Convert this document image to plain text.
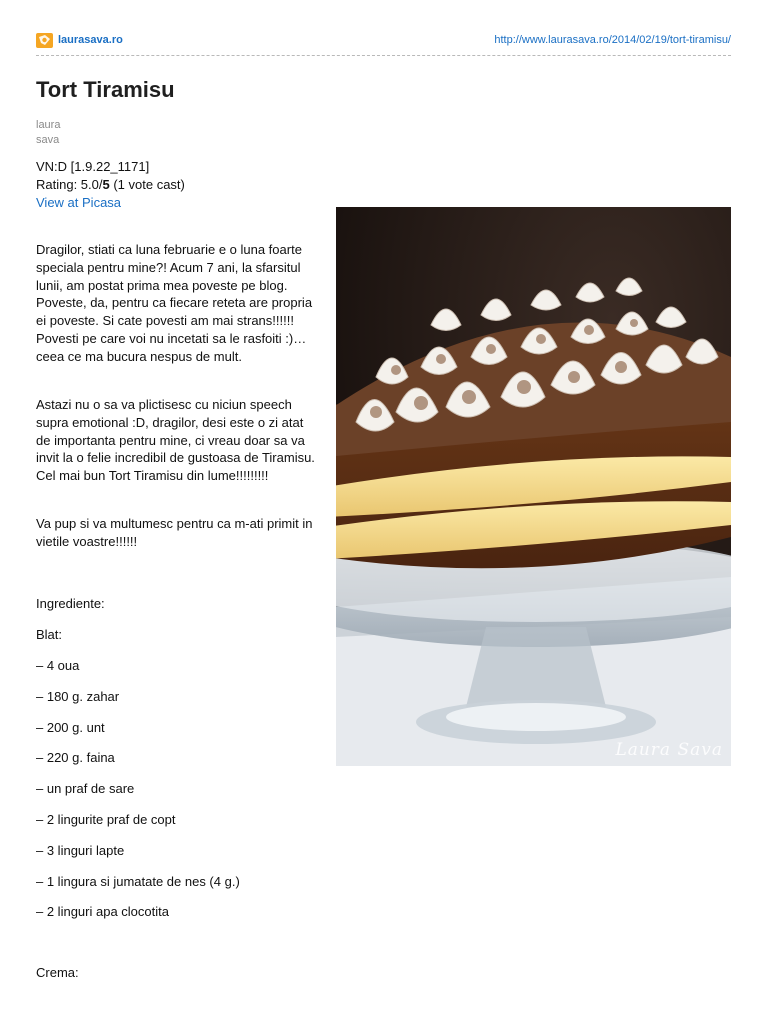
laurasava.ro	http://www.laurasava.ro/2014/02/19/tort-tiramisu/
Tort Tiramisu
laura
sava
VN:D [1.9.22_1171]
Rating: 5.0/5 (1 vote cast)
View at Picasa
Laura Sava

Dragilor, stiati ca luna februarie e o luna foarte speciala pentru mine?! Acum 7 ani, la sfarsitul lunii, am postat prima mea poveste pe blog. Poveste, da, pentru ca fiecare reteta are propria ei poveste. Si cate povesti am mai strans!!!!!! Povesti pe care voi nu incetati sa le rasfoiti :)…ceea ce ma bucura nespus de mult.

Astazi nu o sa va plictisesc cu niciun speech supra emotional :D, dragilor, desi este o zi atat de importanta pentru mine, ci vreau doar sa va invit la o felie incredibil de gustoasa de Tiramisu. Cel mai bun Tort Tiramisu din lume!!!!!!!!!

Va pup si va multumesc pentru ca m-ati primit in vietile voastre!!!!!!

Ingrediente:

Blat:

– 4 oua

– 180 g. zahar

– 200 g. unt

– 220 g. faina

– un praf de sare

– 2 lingurite praf de copt

– 3 linguri lapte

– 1 lingura si jumatate de nes (4 g.)

– 2 linguri apa clocotita

Crema:
